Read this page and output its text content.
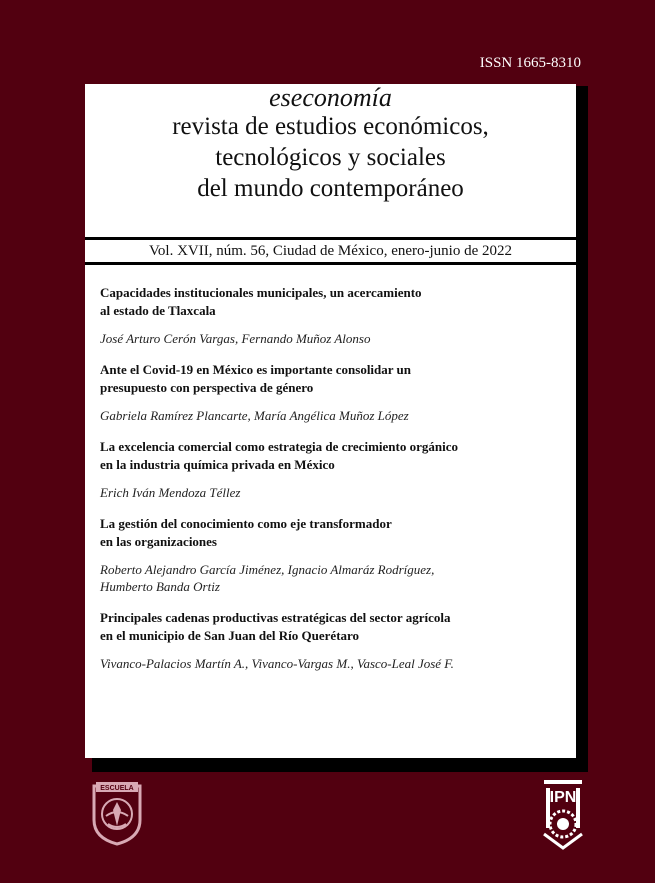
ISSN 1665-8310
eseconomía
revista de estudios económicos,
tecnológicos y sociales
del mundo contemporáneo
Vol. XVII, núm. 56, Ciudad de México, enero-junio de 2022
Capacidades institucionales municipales, un acercamiento
al estado de Tlaxcala
José Arturo Cerón Vargas, Fernando Muñoz Alonso
Ante el Covid-19 en México es importante consolidar un
presupuesto con perspectiva de género
Gabriela Ramírez Plancarte, María Angélica Muñoz López
La excelencia comercial como estrategia de crecimiento orgánico
en la industria química privada en México
Erich Iván Mendoza Téllez
La gestión del conocimiento como eje transformador
en las organizaciones
Roberto Alejandro García Jiménez, Ignacio Almaráz Rodríguez,
Humberto Banda Ortiz
Principales cadenas productivas estratégicas del sector agrícola
en el municipio de San Juan del Río Querétaro
Vivanco-Palacios Martín A., Vivanco-Vargas M., Vasco-Leal José F.
ESCUELA
IPN
